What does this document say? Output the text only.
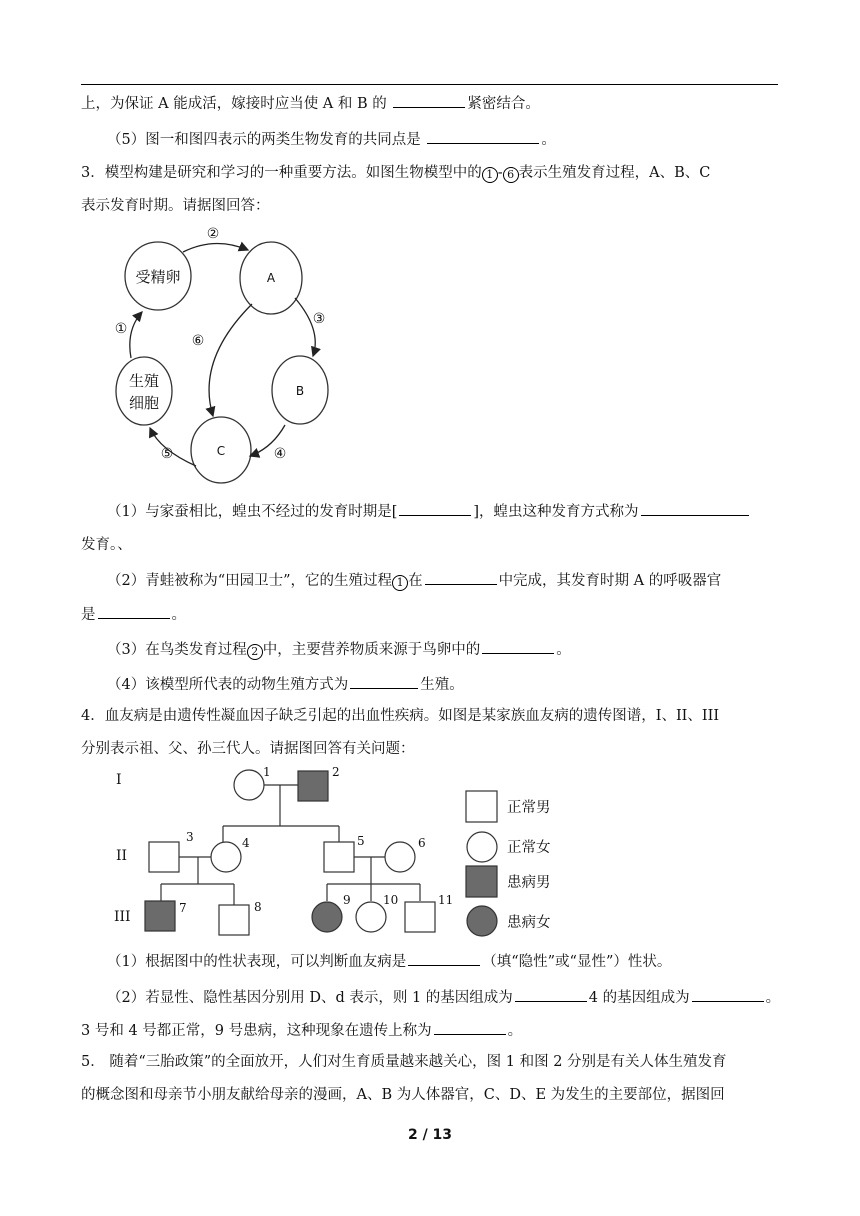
上，为保证 A 能成活，嫁接时应当使 A 和 B 的	紧密结合。
（5）图一和图四表示的两类生物发育的共同点是	。
3．模型构建是研究和学习的一种重要方法。如图生物模型中的 1 - 6 表示生殖发育过程，A、B、C
表示发育时期。请据图回答：
受精卵	A
B
C
生殖
细胞
②
③
④
⑤
①
⑥
I
II
III
1	2
3	4	5	6
7	8	9	10	11
正常男
正常女
患病男
患病女
（1）与家蚕相比，蝗虫不经过的发育时期是[	]，蝗虫这种发育方式称为
发育。、
（2）青蛙被称为“田园卫士”，它的生殖过程 1 在	中完成，其发育时期 A 的呼吸器官
是	。
（3）在鸟类发育过程 2 中，主要营养物质来源于鸟卵中的	。
（4）该模型所代表的动物生殖方式为	生殖。
4．血友病是由遗传性凝血因子缺乏引起的出血性疾病。如图是某家族血友病的遗传图谱，I、II、III
分别表示祖、父、孙三代人。请据图回答有关问题：
（1）根据图中的性状表现，可以判断血友病是	（填“隐性”或“显性”）性状。
（2）若显性、隐性基因分别用 D、d 表示，则 1 的基因组成为	4 的基因组成为	。
3 号和 4 号都正常，9 号患病，这种现象在遗传上称为	。
5． 随着“三胎政策”的全面放开，人们对生育质量越来越关心，图 1 和图 2 分别是有关人体生殖发育
的概念图和母亲节小朋友献给母亲的漫画，A、B 为人体器官，C、D、E 为发生的主要部位，据图回
2 / 13
